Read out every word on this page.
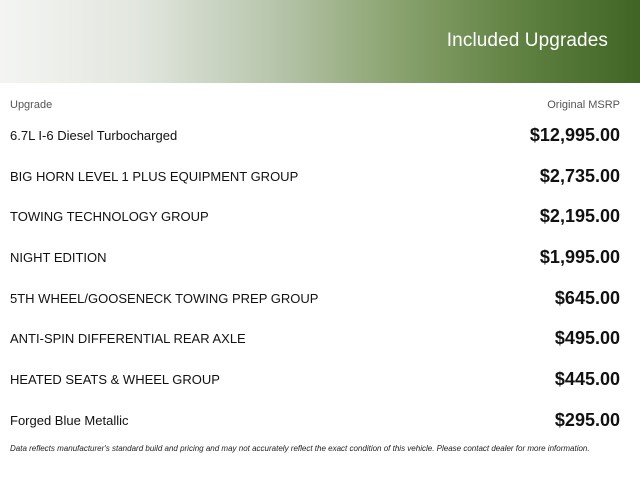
Included Upgrades
Upgrade	Original MSRP
6.7L I-6 Diesel Turbocharged	$12,995.00
BIG HORN LEVEL 1 PLUS EQUIPMENT GROUP	$2,735.00
TOWING TECHNOLOGY GROUP	$2,195.00
NIGHT EDITION	$1,995.00
5TH WHEEL/GOOSENECK TOWING PREP GROUP	$645.00
ANTI-SPIN DIFFERENTIAL REAR AXLE	$495.00
HEATED SEATS & WHEEL GROUP	$445.00
Forged Blue Metallic	$295.00
Data reflects manufacturer's standard build and pricing and may not accurately reflect the exact condition of this vehicle. Please contact dealer for more information.
